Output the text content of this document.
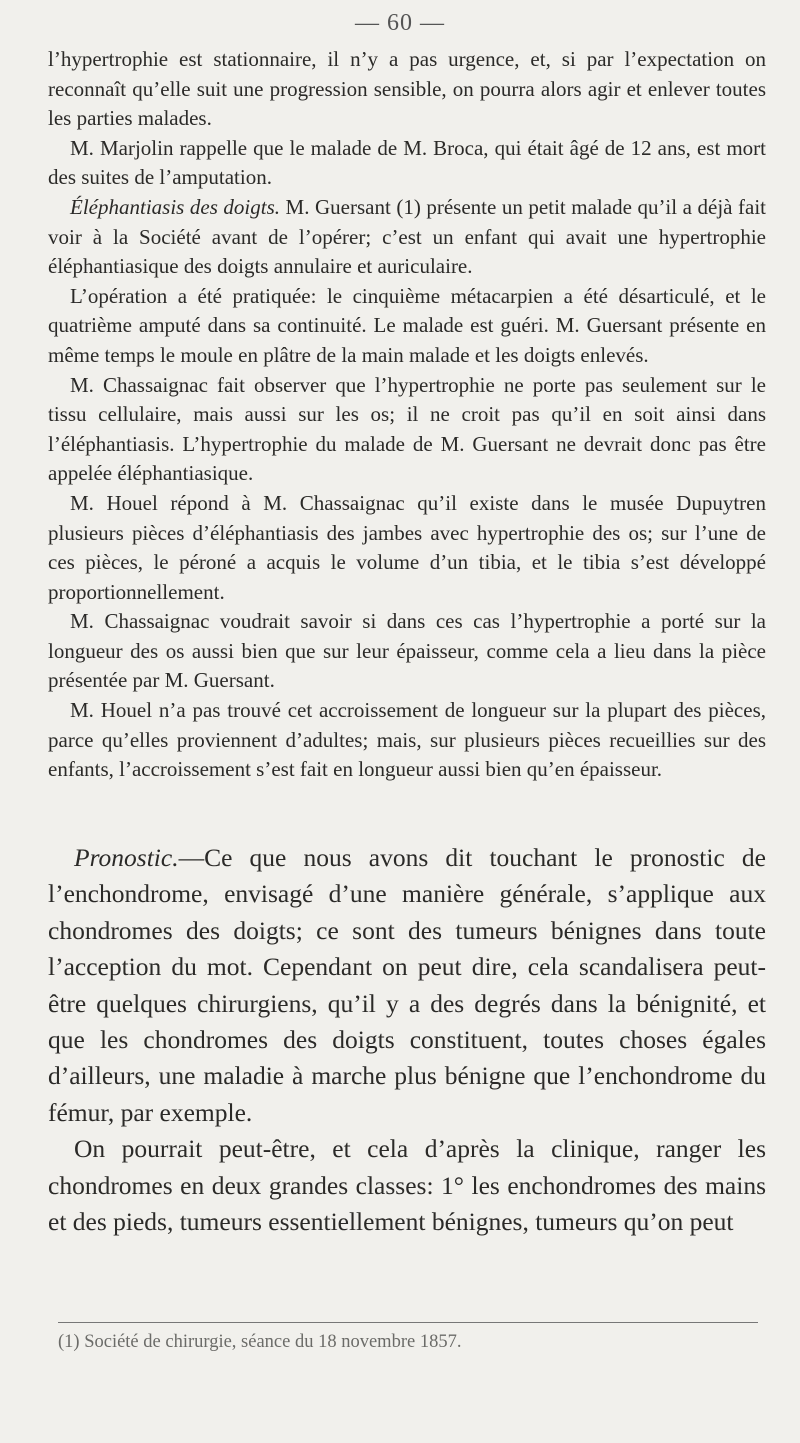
— 60 —

l’hypertrophie est stationnaire, il n’y a pas urgence, et, si par l’expectation on reconnaît qu’elle suit une progression sensible, on pourra alors agir et enlever toutes les parties malades.

M. Marjolin rappelle que le malade de M. Broca, qui était âgé de 12 ans, est mort des suites de l’amputation.

Éléphantiasis des doigts. M. Guersant (1) présente un petit malade qu’il a déjà fait voir à la Société avant de l’opérer; c’est un enfant qui avait une hypertrophie éléphantiasique des doigts annulaire et auriculaire.

L’opération a été pratiquée: le cinquième métacarpien a été désarticulé, et le quatrième amputé dans sa continuité. Le malade est guéri. M. Guersant présente en même temps le moule en plâtre de la main malade et les doigts enlevés.

M. Chassaignac fait observer que l’hypertrophie ne porte pas seulement sur le tissu cellulaire, mais aussi sur les os; il ne croit pas qu’il en soit ainsi dans l’éléphantiasis. L’hypertrophie du malade de M. Guersant ne devrait donc pas être appelée éléphantiasique.

M. Houel répond à M. Chassaignac qu’il existe dans le musée Dupuytren plusieurs pièces d’éléphantiasis des jambes avec hypertrophie des os; sur l’une de ces pièces, le péroné a acquis le volume d’un tibia, et le tibia s’est développé proportionnellement.

M. Chassaignac voudrait savoir si dans ces cas l’hypertrophie a porté sur la longueur des os aussi bien que sur leur épaisseur, comme cela a lieu dans la pièce présentée par M. Guersant.

M. Houel n’a pas trouvé cet accroissement de longueur sur la plupart des pièces, parce qu’elles proviennent d’adultes; mais, sur plusieurs pièces recueillies sur des enfants, l’accroissement s’est fait en longueur aussi bien qu’en épaisseur.

Pronostic.—Ce que nous avons dit touchant le pronostic de l’enchondrome, envisagé d’une manière générale, s’applique aux chondromes des doigts; ce sont des tumeurs bénignes dans toute l’acception du mot. Cependant on peut dire, cela scandalisera peut-être quelques chirurgiens, qu’il y a des degrés dans la bénignité, et que les chondromes des doigts constituent, toutes choses égales d’ailleurs, une maladie à marche plus bénigne que l’enchondrome du fémur, par exemple.

On pourrait peut-être, et cela d’après la clinique, ranger les chondromes en deux grandes classes: 1° les enchondromes des mains et des pieds, tumeurs essentiellement bénignes, tumeurs qu’on peut

(1) Société de chirurgie, séance du 18 novembre 1857.
